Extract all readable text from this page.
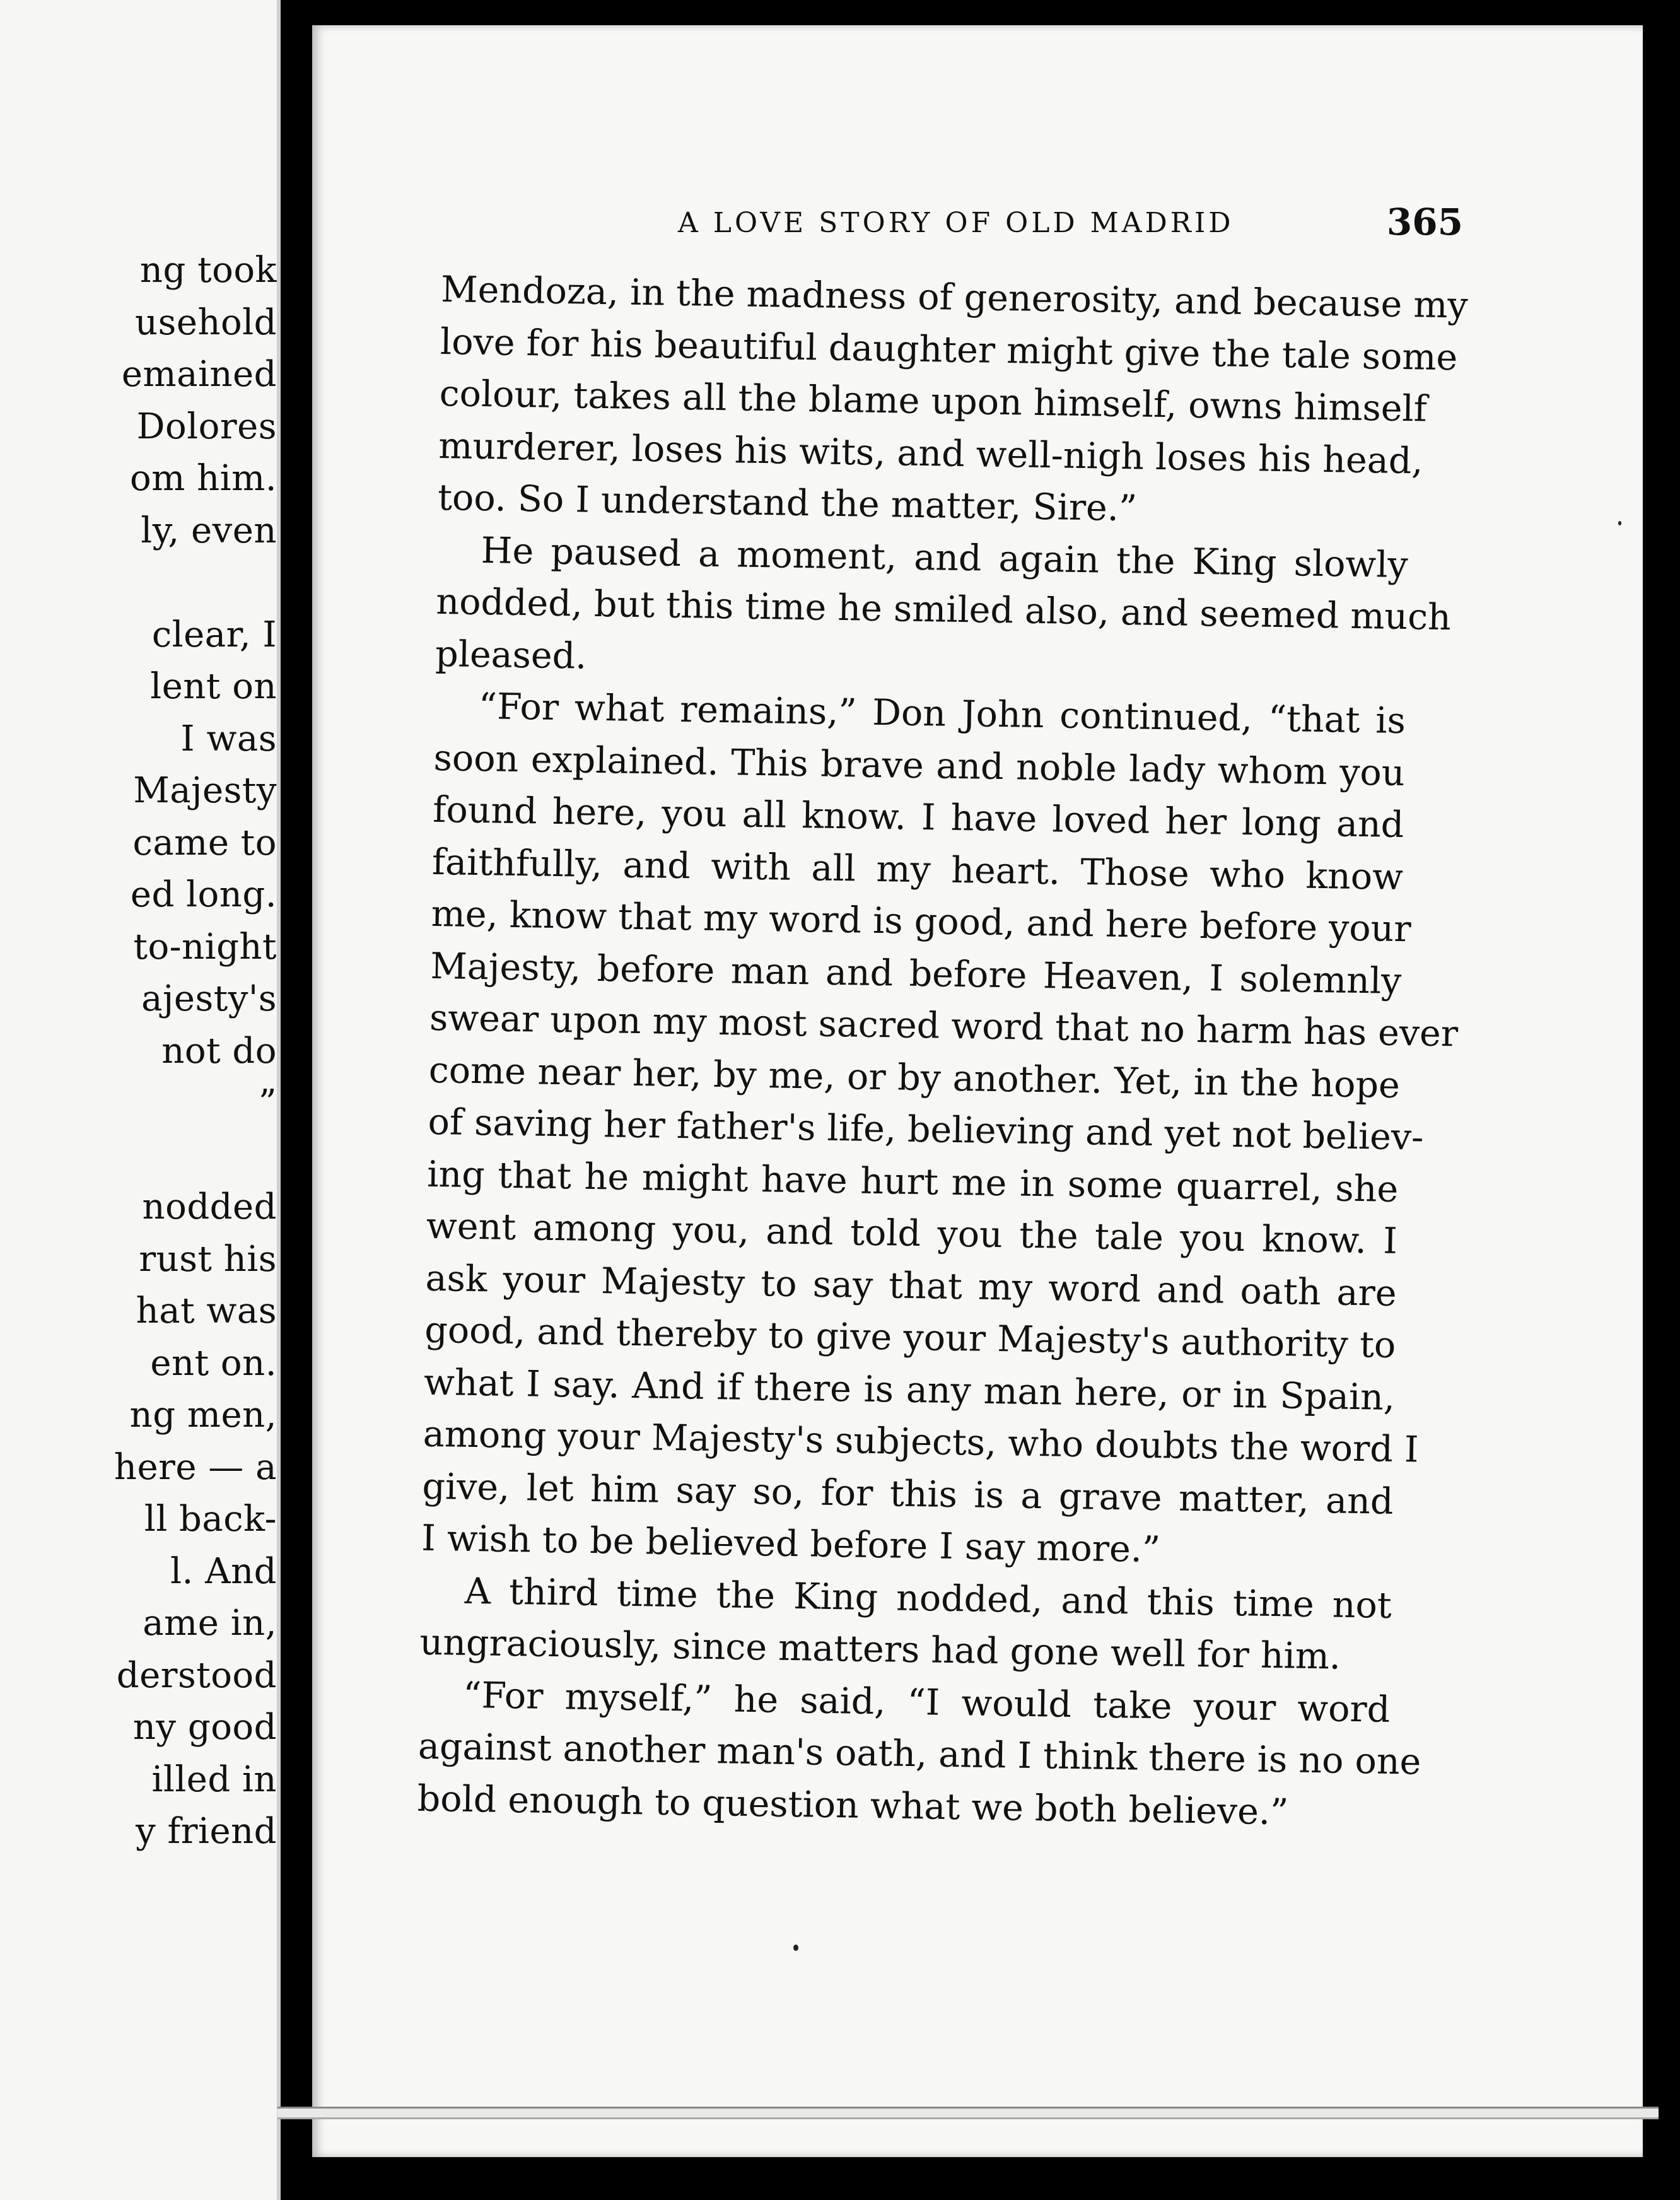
ng took
usehold
emained
Dolores
om him.
ly, even
clear, I
lent on
I was
Majesty
came to
ed long.
to-night
ajesty's
not do
”
nodded
rust his
hat was
ent on.
ng men,
here — a
ll back-
l. And
ame in,
derstood
ny good
illed in
y friend
A LOVE STORY OF OLD MADRID	365
Mendoza, in the madness of generosity, and because my
love for his beautiful daughter might give the tale some
colour, takes all the blame upon himself, owns himself
murderer, loses his wits, and well-nigh loses his head,
too. So I understand the matter, Sire.”
He paused a moment, and again the King slowly
nodded, but this time he smiled also, and seemed much
pleased.
“For what remains,” Don John continued, “that is
soon explained. This brave and noble lady whom you
found here, you all know. I have loved her long and
faithfully, and with all my heart. Those who know
me, know that my word is good, and here before your
Majesty, before man and before Heaven, I solemnly
swear upon my most sacred word that no harm has ever
come near her, by me, or by another. Yet, in the hope
of saving her father's life, believing and yet not believ-
ing that he might have hurt me in some quarrel, she
went among you, and told you the tale you know. I
ask your Majesty to say that my word and oath are
good, and thereby to give your Majesty's authority to
what I say. And if there is any man here, or in Spain,
among your Majesty's subjects, who doubts the word I
give, let him say so, for this is a grave matter, and
I wish to be believed before I say more.”
A third time the King nodded, and this time not
ungraciously, since matters had gone well for him.
“For myself,” he said, “I would take your word
against another man's oath, and I think there is no one
bold enough to question what we both believe.”
